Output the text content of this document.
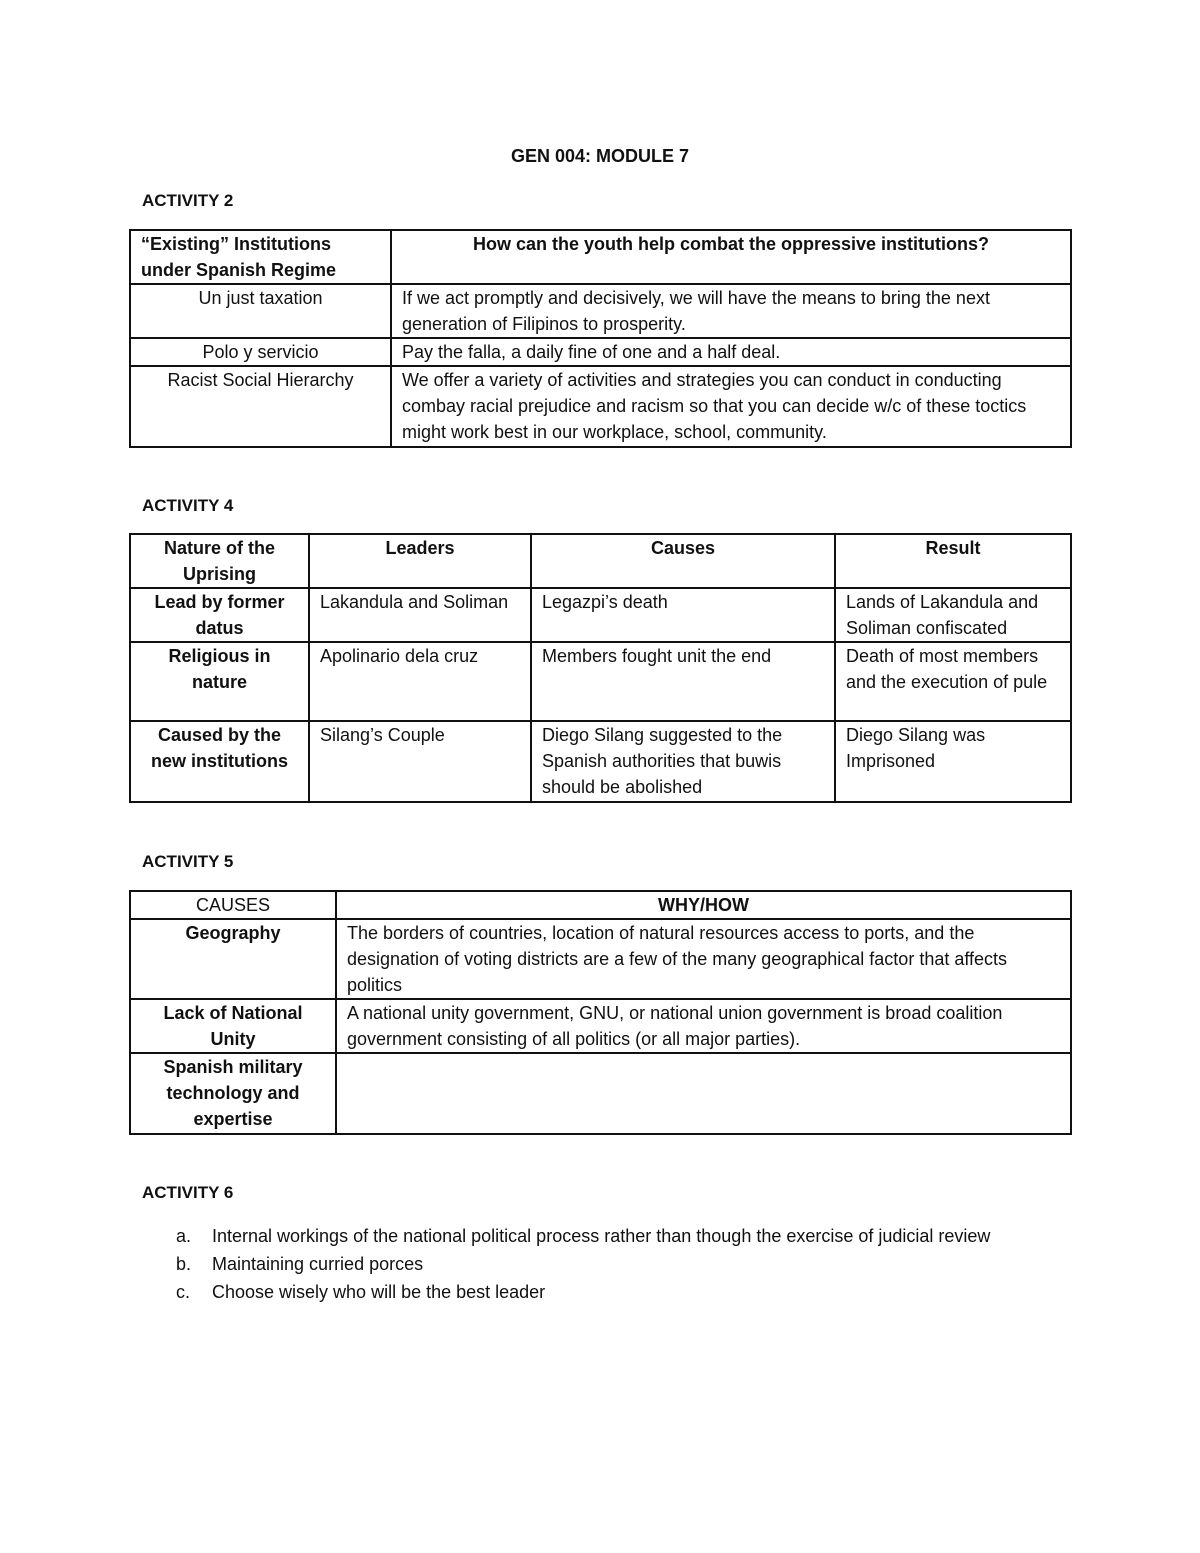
GEN 004: MODULE 7
ACTIVITY 2
“Existing” Institutions under Spanish Regime	How can the youth help combat the oppressive institutions?
Un just taxation	If we act promptly and decisively, we will have the means to bring the next generation of Filipinos to prosperity.
Polo y servicio	Pay the falla, a daily fine of one and a half deal.
Racist Social Hierarchy	We offer a variety of activities and strategies you can conduct in conducting combay racial prejudice and racism so that you can decide w/c of these toctics might work best in our workplace, school, community.
ACTIVITY 4
Nature of the Uprising	Leaders	Causes	Result
Lead by former datus	Lakandula and Soliman	Legazpi’s death	Lands of Lakandula and Soliman confiscated
Religious in nature	Apolinario dela cruz	Members fought unit the end	Death of most members and the execution of pule
Caused by the new institutions	Silang’s Couple	Diego Silang suggested to the Spanish authorities that buwis should be abolished	Diego Silang was Imprisoned
ACTIVITY 5
CAUSES	WHY/HOW
Geography	The borders of countries, location of natural resources access to ports, and the designation of voting districts are a few of the many geographical factor that affects politics
Lack of National Unity	A national unity government, GNU, or national union government is broad coalition government consisting of all politics (or all major parties).
Spanish military technology and expertise	
ACTIVITY 6
a.	Internal workings of the national political process rather than though the exercise of judicial review
b.	Maintaining curried porces
c.	Choose wisely who will be the best leader
